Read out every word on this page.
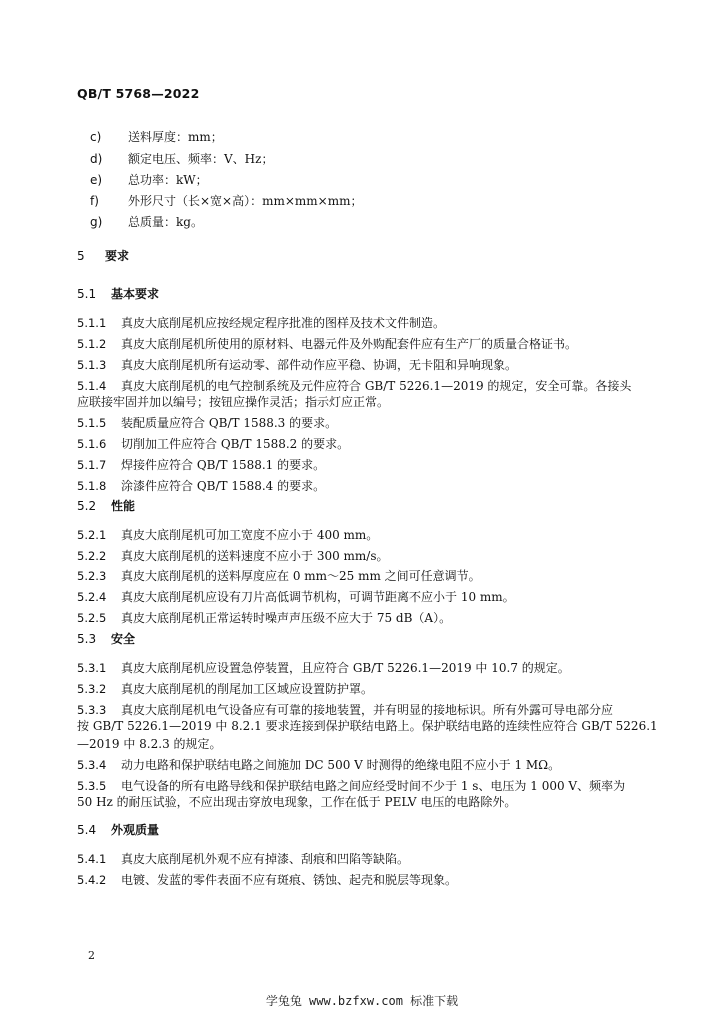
QB/T 5768—2022
c) 送料厚度：mm；
d) 额定电压、频率：V、Hz；
e) 总功率：kW；
f) 外形尺寸（长×宽×高）：mm×mm×mm；
g) 总质量：kg。
5 要求
5.1 基本要求
5.1.1 真皮大底削尾机应按经规定程序批准的图样及技术文件制造。
5.1.2 真皮大底削尾机所使用的原材料、电器元件及外购配套件应有生产厂的质量合格证书。
5.1.3 真皮大底削尾机所有运动零、部件动作应平稳、协调，无卡阻和异响现象。
5.1.4 真皮大底削尾机的电气控制系统及元件应符合 GB/T 5226.1—2019 的规定，安全可靠。各接头
应联接牢固并加以编号；按钮应操作灵活；指示灯应正常。
5.1.5 装配质量应符合 QB/T 1588.3 的要求。
5.1.6 切削加工件应符合 QB/T 1588.2 的要求。
5.1.7 焊接件应符合 QB/T 1588.1 的要求。
5.1.8 涂漆件应符合 QB/T 1588.4 的要求。
5.2 性能
5.2.1 真皮大底削尾机可加工宽度不应小于 400 mm。
5.2.2 真皮大底削尾机的送料速度不应小于 300 mm/s。
5.2.3 真皮大底削尾机的送料厚度应在 0 mm～25 mm 之间可任意调节。
5.2.4 真皮大底削尾机应设有刀片高低调节机构，可调节距离不应小于 10 mm。
5.2.5 真皮大底削尾机正常运转时噪声声压级不应大于 75 dB（A）。
5.3 安全
5.3.1 真皮大底削尾机应设置急停装置，且应符合 GB/T 5226.1—2019 中 10.7 的规定。
5.3.2 真皮大底削尾机的削尾加工区域应设置防护罩。
5.3.3 真皮大底削尾机电气设备应有可靠的接地装置，并有明显的接地标识。所有外露可导电部分应
按 GB/T 5226.1—2019 中 8.2.1 要求连接到保护联结电路上。保护联结电路的连续性应符合 GB/T 5226.1
—2019 中 8.2.3 的规定。
5.3.4 动力电路和保护联结电路之间施加 DC 500 V 时测得的绝缘电阻不应小于 1 MΩ。
5.3.5 电气设备的所有电路导线和保护联结电路之间应经受时间不少于 1 s、电压为 1 000 V、频率为
50 Hz 的耐压试验，不应出现击穿放电现象，工作在低于 PELV 电压的电路除外。
5.4 外观质量
5.4.1 真皮大底削尾机外观不应有掉漆、刮痕和凹陷等缺陷。
5.4.2 电镀、发蓝的零件表面不应有斑痕、锈蚀、起壳和脱层等现象。
2
学兔兔 www.bzfxw.com 标准下载
